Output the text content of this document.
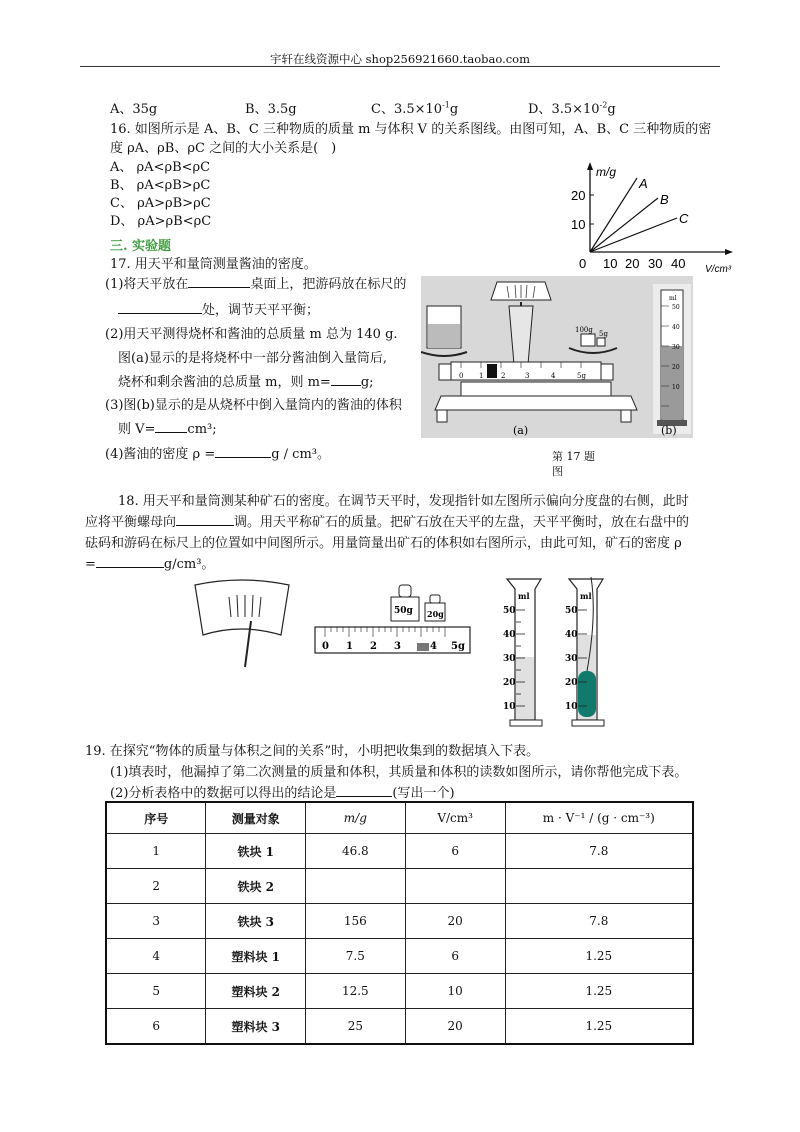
宇轩在线资源中心 shop256921660.taobao.com
A、35g	B、3.5g	C、$3.5\times 10^{-1}g$	D、$3.5\times 10^{-2}g$
16. 如图所示是 A、B、C 三种物质的质量 m 与体积 V 的关系图线。由图可知，A、B、C 三种物质的密
度 ρA、ρB、ρC 之间的大小关系是(　)
A、 ρA<ρB<ρC
B、 ρA<ρB>ρC
C、 ρA>ρB>ρC
D、 ρA>ρB<ρC
m/g
V/cm³
20
10
0 10 20 30 40
A
B
C
三. 实验题
17. 用天平和量筒测量酱油的密度。
(1)将天平放在	桌面上，把游码放在标尺的
处，调节天平平衡；
(2)用天平测得烧杯和酱油的总质量 m 总为 140 g.
图(a)显示的是将烧杯中一部分酱油倒入量筒后,
烧杯和剩余酱油的总质量 m，则 m= g;
(3)图(b)显示的是从烧杯中倒入量筒内的酱油的体积
则 V= cm³;
(4)酱油的密度 ρ =	g / cm³。	第 17 题
图
ml
50
40
30
20
10
(b)
100g 5g
0 1	2	3	4	5g
(a)
18. 用天平和量筒测某种矿石的密度。在调节天平时，发现指针如左图所示偏向分度盘的右侧，此时
应将平衡螺母向	调。用天平称矿石的质量。把矿石放在天平的左盘，天平平衡时，放在右盘中的
砝码和游码在标尺上的位置如中间图所示。用量筒量出矿石的体积如右图所示，由此可知，矿石的密度 ρ
=	g/cm³。
50g 20g
0 1 2 3	4 5g
ml
50
40
30
20
10
ml
50
40
30
20
10
19. 在探究“物体的质量与体积之间的关系”时，小明把收集到的数据填入下表。
(1)填表时，他漏掉了第二次测量的质量和体积，其质量和体积的读数如图所示，请你帮他完成下表。
(2)分析表格中的数据可以得出的结论是	(写出一个)
序号	测量对象	m/g	V/cm³	m · V⁻¹ / (g · cm⁻³)
1	铁块 1	46.8	6	7.8
2	铁块 2			
3	铁块 3	156	20	7.8
4	塑料块 1	7.5	6	1.25
5	塑料块 2	12.5	10	1.25
6	塑料块 3	25	20	1.25
